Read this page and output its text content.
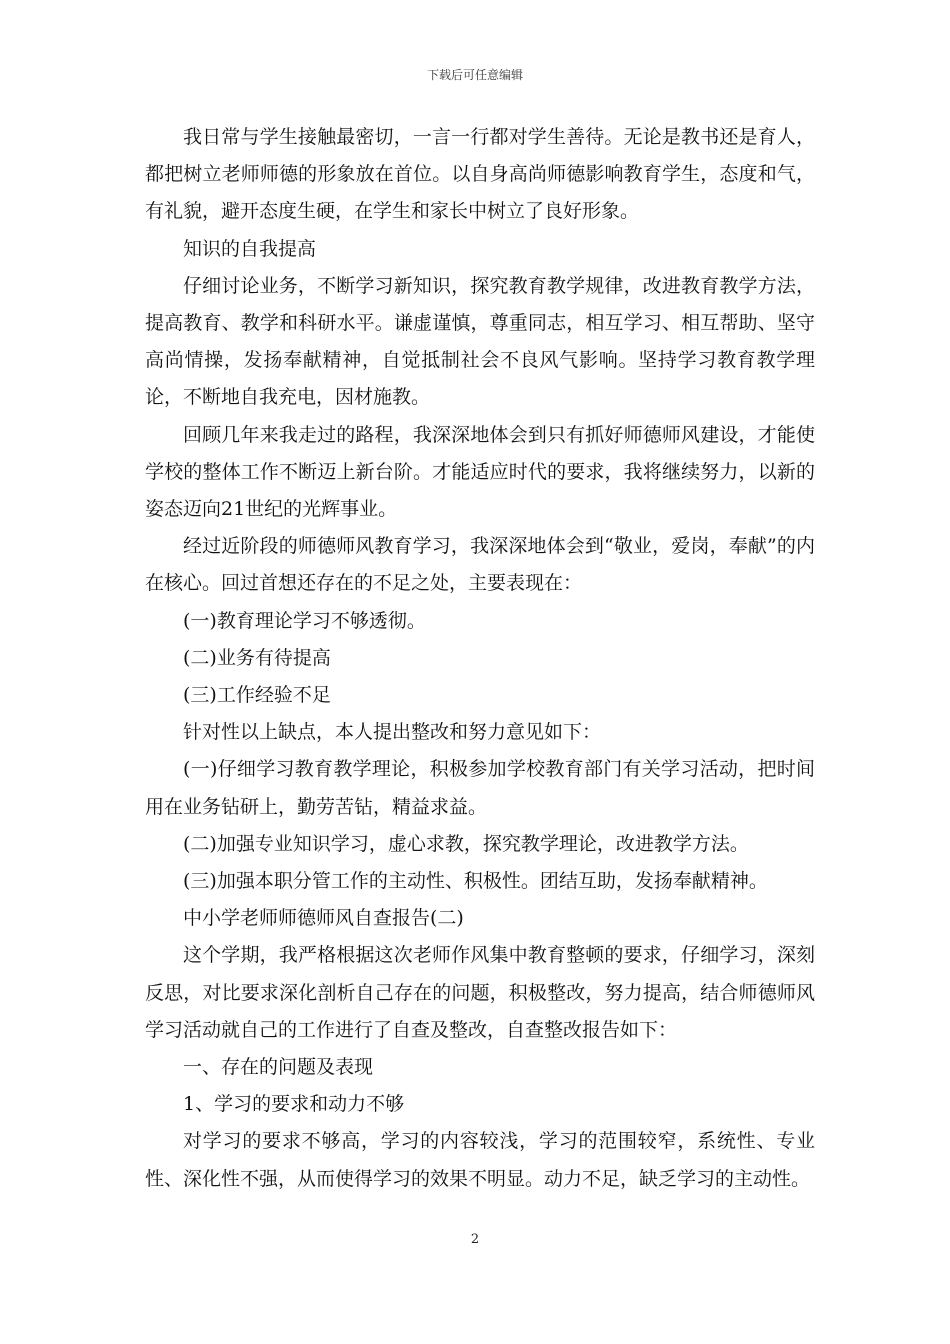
下载后可任意编辑

我日常与学生接触最密切，一言一行都对学生善待。无论是教书还是育人，都把树立老师师德的形象放在首位。以自身高尚师德影响教育学生，态度和气，有礼貌，避开态度生硬，在学生和家长中树立了良好形象。

知识的自我提高

仔细讨论业务，不断学习新知识，探究教育教学规律，改进教育教学方法，提高教育、教学和科研水平。谦虚谨慎，尊重同志，相互学习、相互帮助、坚守高尚情操，发扬奉献精神，自觉抵制社会不良风气影响。坚持学习教育教学理论，不断地自我充电，因材施教。

回顾几年来我走过的路程，我深深地体会到只有抓好师德师风建设，才能使学校的整体工作不断迈上新台阶。才能适应时代的要求，我将继续努力，以新的姿态迈向21世纪的光辉事业。

经过近阶段的师德师风教育学习，我深深地体会到“敬业，爱岗，奉献”的内在核心。回过首想还存在的不足之处，主要表现在：

(一)教育理论学习不够透彻。

(二)业务有待提高

(三)工作经验不足

针对性以上缺点，本人提出整改和努力意见如下：

(一)仔细学习教育教学理论，积极参加学校教育部门有关学习活动，把时间用在业务钻研上，勤劳苦钻，精益求益。

(二)加强专业知识学习，虚心求教，探究教学理论，改进教学方法。

(三)加强本职分管工作的主动性、积极性。团结互助，发扬奉献精神。

中小学老师师德师风自查报告(二)

这个学期，我严格根据这次老师作风集中教育整顿的要求，仔细学习，深刻反思，对比要求深化剖析自己存在的问题，积极整改，努力提高，结合师德师风学习活动就自己的工作进行了自查及整改，自查整改报告如下：

一、存在的问题及表现

1、学习的要求和动力不够

对学习的要求不够高，学习的内容较浅，学习的范围较窄，系统性、专业性、深化性不强，从而使得学习的效果不明显。动力不足，缺乏学习的主动性。

2
